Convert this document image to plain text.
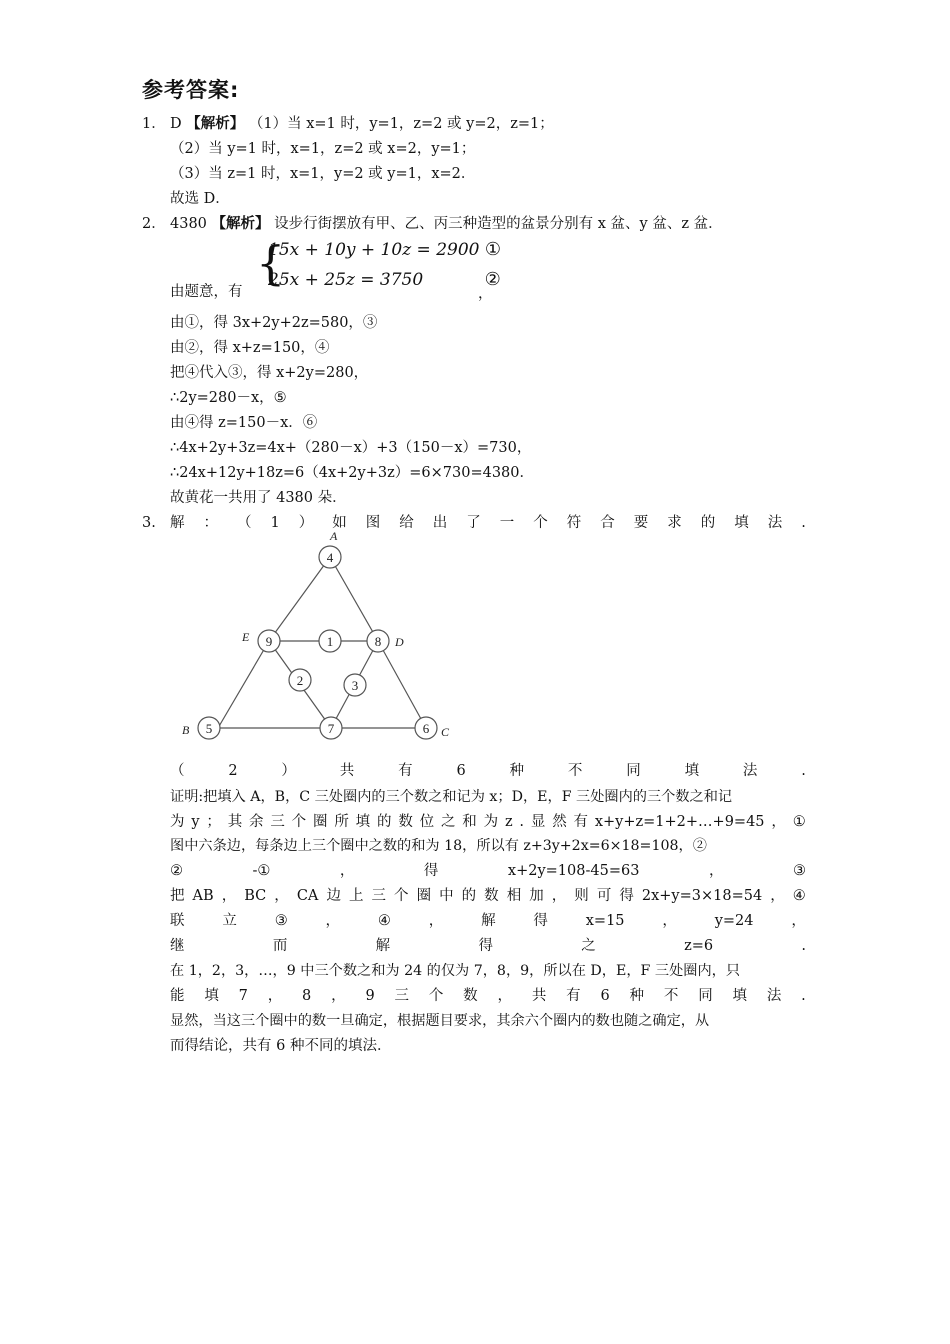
参考答案:
1． D 【解析】 （1）当 x=1 时，y=1，z=2 或 y=2，z=1；
（2）当 y=1 时，x=1，z=2 或 x=2，y=1；
（3）当 z=1 时，x=1，y=2 或 y=1，x=2．
故选 D．
2． 4380 【解析】 设步行街摆放有甲、乙、丙三种造型的盆景分别有 x 盆、y 盆、z 盆．
由题意，有
{
15x + 10y + 10z = 2900 ①
25x + 25z = 3750	②
，
由①，得 3x+2y+2z=580，③
由②，得 x+z=150，④
把④代入③，得 x+2y=280，
∴2y=280－x，⑤
由④得 z=150－x．⑥
∴4x+2y+3z=4x+（280－x）+3（150－x）=730，
∴24x+12y+18z=6（4x+2y+3z）=6×730=4380．
故黄花一共用了 4380 朵．
3. 解 ： （ 1 ） 如 图 给 出 了 一 个 符 合 要 求 的 填 法 .
A
E	D
B	C
4
9	1	8
2	3
5	7	6
（	2	）	共	有	6	种	不	同	填	法	.
证明:把填入 A，B，C 三处圈内的三个数之和记为 x；D，E，F 三处圈内的三个数之和记
为 y ； 其 余 三 个 圈 所 填 的 数 位 之 和 为 z . 显 然 有 x+y+z=1+2+…+9=45 ， ①
图中六条边，每条边上三个圈中之数的和为 18，所以有 z+3y+2x=6×18=108，②
②	-①	，	得	x+2y=108-45=63	，	③
把 AB ， BC ， CA 边 上 三 个 圈 中 的 数 相 加 ， 则 可 得 2x+y=3×18=54 ， ④
联	立	③	，	④	，	解	得	x=15	，	y=24	，
继	而	解	得	之	z=6	.
在 1，2，3，…，9 中三个数之和为 24 的仅为 7，8，9，所以在 D，E，F 三处圈内，只
能 填 7 ， 8 ， 9 三 个 数 ， 共 有 6 种 不 同 填 法 .
显然，当这三个圈中的数一旦确定，根据题目要求，其余六个圈内的数也随之确定，从
而得结论，共有 6 种不同的填法．
